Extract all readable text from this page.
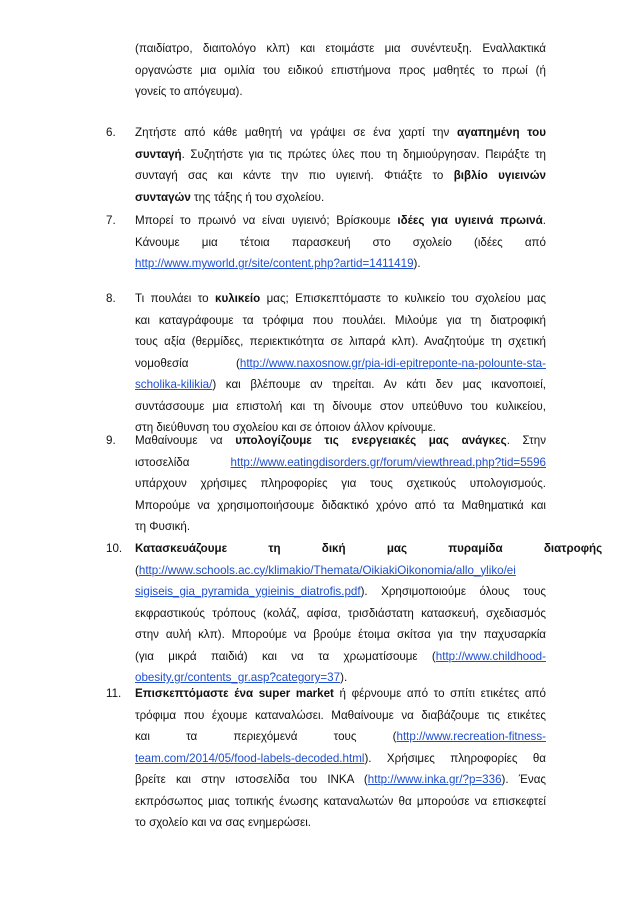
(παιδίατρο, διαιτολόγο κλπ) και ετοιμάστε μια συνέντευξη. Εναλλακτικά
οργανώστε μια ομιλία του ειδικού επιστήμονα προς μαθητές το πρωί (ή
γονείς το απόγευμα).
6. Ζητήστε από κάθε μαθητή να γράψει σε ένα χαρτί την αγαπημένη του
συνταγή. Συζητήστε για τις πρώτες ύλες που τη δημιούργησαν. Πειράξτε τη
συνταγή σας και κάντε την πιο υγιεινή. Φτιάξτε το βιβλίο υγιεινών
συνταγών της τάξης ή του σχολείου.
7. Μπορεί το πρωινό να είναι υγιεινό; Βρίσκουμε ιδέες για υγιεινά πρωινά.
Κάνουμε μια τέτοια παρασκευή στο σχολείο (ιδέες από
http://www.myworld.gr/site/content.php?artid=1411419).
8. Τι πουλάει το κυλικείο μας; Επισκεπτόμαστε το κυλικείο του σχολείου μας
και καταγράφουμε τα τρόφιμα που πουλάει. Μιλούμε για τη διατροφική
τους αξία (θερμίδες, περιεκτικότητα σε λιπαρά κλπ). Αναζητούμε τη σχετική
νομοθεσία (http://www.naxosnow.gr/pia-idi-epitreponte-na-polounte-sta-
scholika-kilikia/) και βλέπουμε αν τηρείται. Αν κάτι δεν μας ικανοποιεί,
συντάσσουμε μια επιστολή και τη δίνουμε στον υπεύθυνο του κυλικείου,
στη διεύθυνση του σχολείου και σε όποιον άλλον κρίνουμε.
9. Μαθαίνουμε να υπολογίζουμε τις ενεργειακές μας ανάγκες. Στην
ιστοσελίδα http://www.eatingdisorders.gr/forum/viewthread.php?tid=5596
υπάρχουν χρήσιμες πληροφορίες για τους σχετικούς υπολογισμούς.
Μπορούμε να χρησιμοποιήσουμε διδακτικό χρόνο από τα Μαθηματικά και
τη Φυσική.
10. Κατασκευάζουμε τη δική μας πυραμίδα διατροφής
(http://www.schools.ac.cy/klimakio/Themata/OikiakiOikonomia/allo_yliko/ei
sigiseis_gia_pyramida_ygieinis_diatrofis.pdf). Χρησιμοποιούμε όλους τους
εκφραστικούς τρόπους (κολάζ, αφίσα, τρισδιάστατη κατασκευή, σχεδιασμός
στην αυλή κλπ). Μπορούμε να βρούμε έτοιμα σκίτσα για την παχυσαρκία
(για μικρά παιδιά) και να τα χρωματίσουμε (http://www.childhood-
obesity.gr/contents_gr.asp?category=37).
11. Επισκεπτόμαστε ένα super market ή φέρνουμε από το σπίτι ετικέτες από
τρόφιμα που έχουμε καταναλώσει. Μαθαίνουμε να διαβάζουμε τις ετικέτες
και τα περιεχόμενά τους (http://www.recreation-fitness-
team.com/2014/05/food-labels-decoded.html). Χρήσιμες πληροφορίες θα
βρείτε και στην ιστοσελίδα του ΙΝΚΑ (http://www.inka.gr/?p=336). Ένας
εκπρόσωπος μιας τοπικής ένωσης καταναλωτών θα μπορούσε να επισκεφτεί
το σχολείο και να σας ενημερώσει.
